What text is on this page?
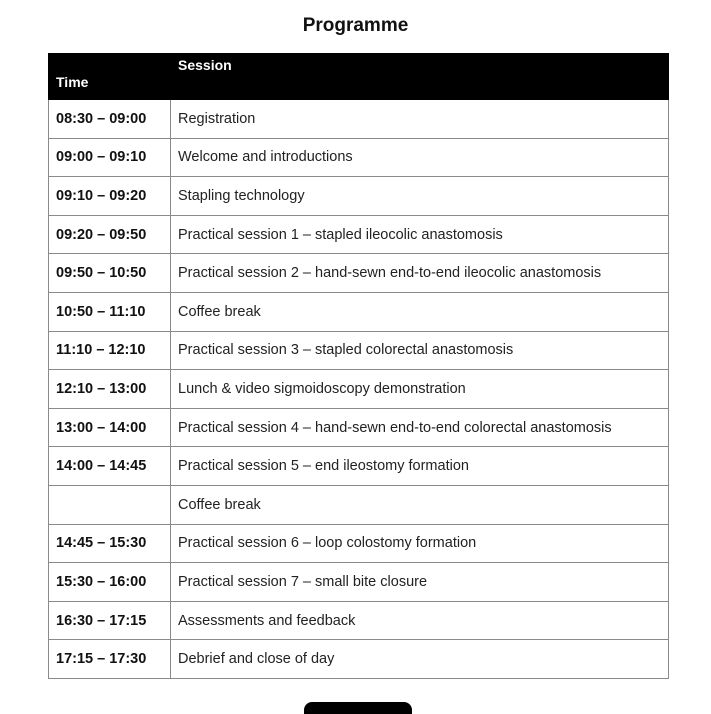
Programme
Time	Session
08:30 – 09:00	Registration
09:00 – 09:10	Welcome and introductions
09:10 – 09:20	Stapling technology
09:20 – 09:50	Practical session 1 – stapled ileocolic anastomosis
09:50 – 10:50	Practical session 2 – hand-sewn end-to-end ileocolic anastomosis
10:50 – 11:10	Coffee break
11:10 – 12:10	Practical session 3 – stapled colorectal anastomosis
12:10 – 13:00	Lunch & video sigmoidoscopy demonstration
13:00 – 14:00	Practical session 4 – hand-sewn end-to-end colorectal anastomosis
14:00 – 14:45	Practical session 5 – end ileostomy formation
	Coffee break
14:45 – 15:30	Practical session 6 – loop colostomy formation
15:30 – 16:00	Practical session 7 – small bite closure
16:30 – 17:15	Assessments and feedback
17:15 – 17:30	Debrief and close of day
